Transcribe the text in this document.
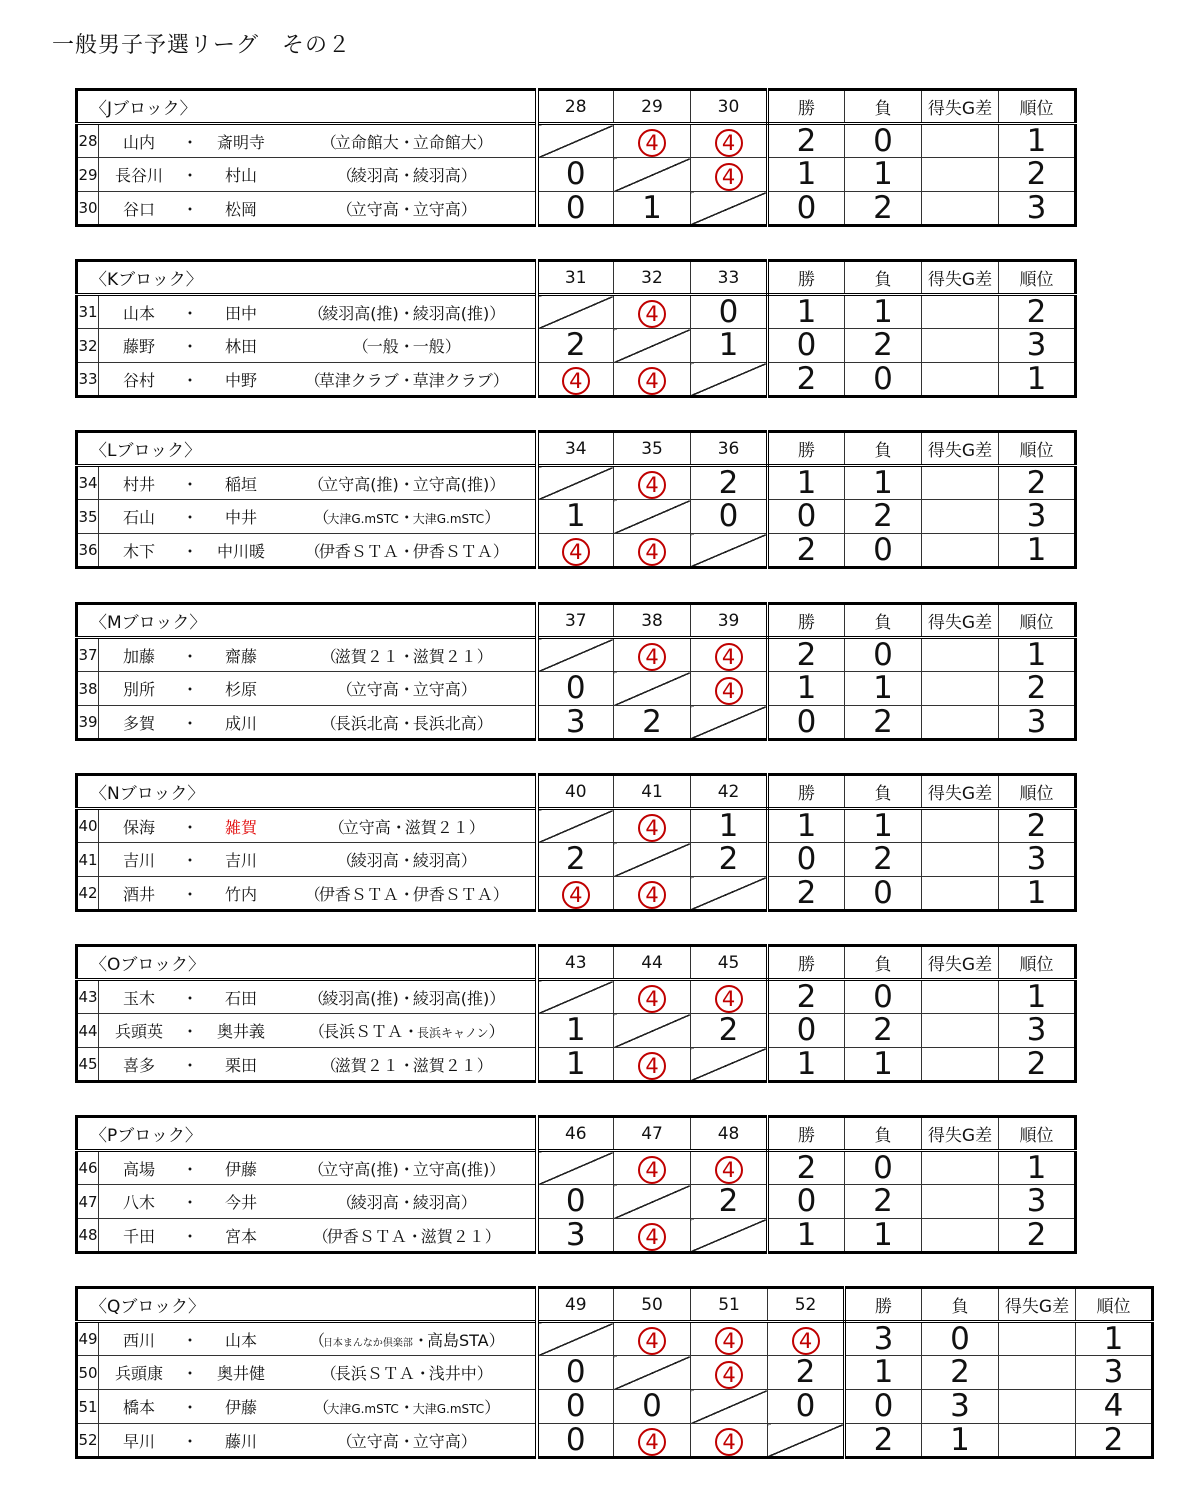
一般男子予選リーグ　その２
〈Jブロック〉		28	29	30	勝	負	得失G差	順位
28	山内 ・ 斎明寺 （立命館大・立命館大）		4	4	2	0		1
29	長谷川 ・ 村山 （綾羽高・綾羽高）	0		4	1	1		2
30	谷口 ・ 松岡 （立守高・立守高）	0	1		0	2		3
〈Kブロック〉		31	32	33	勝	負	得失G差	順位
31	山本 ・ 田中 （綾羽高(推)・綾羽高(推)）		4	0	1	1		2
32	藤野 ・ 林田 （一般・一般）	2		1	0	2		3
33	谷村 ・ 中野 （草津クラブ・草津クラブ）	4	4		2	0		1
〈Lブロック〉		34	35	36	勝	負	得失G差	順位
34	村井 ・ 稲垣 （立守高(推)・立守高(推)）		4	2	1	1		2
35	石山 ・ 中井 （大津G.mSTC・大津G.mSTC）	1		0	0	2		3
36	木下 ・ 中川暖 （伊香ＳＴＡ・伊香ＳＴＡ）	4	4		2	0		1
〈Mブロック〉		37	38	39	勝	負	得失G差	順位
37	加藤 ・ 齋藤 （滋賀２１・滋賀２１）		4	4	2	0		1
38	別所 ・ 杉原 （立守高・立守高）	0		4	1	1		2
39	多賀 ・ 成川 （長浜北高・長浜北高）	3	2		0	2		3
〈Nブロック〉		40	41	42	勝	負	得失G差	順位
40	保海 ・ 雑賀 （立守高・滋賀２１）		4	1	1	1		2
41	吉川 ・ 吉川 （綾羽高・綾羽高）	2		2	0	2		3
42	酒井 ・ 竹内 （伊香ＳＴＡ・伊香ＳＴＡ）	4	4		2	0		1
〈Oブロック〉		43	44	45	勝	負	得失G差	順位
43	玉木 ・ 石田 （綾羽高(推)・綾羽高(推)）		4	4	2	0		1
44	兵頭英 ・ 奥井義 （長浜ＳＴＡ・長浜キャノン）	1		2	0	2		3
45	喜多 ・ 栗田 （滋賀２１・滋賀２１）	1	4		1	1		2
〈Pブロック〉		46	47	48	勝	負	得失G差	順位
46	高場 ・ 伊藤 （立守高(推)・立守高(推)）		4	4	2	0		1
47	八木 ・ 今井 （綾羽高・綾羽高）	0		2	0	2		3
48	千田 ・ 宮本 （伊香ＳＴＡ・滋賀２１）	3	4		1	1		2
〈Qブロック〉		49	50	51	52	勝	負	得失G差	順位
49	西川 ・ 山本 （日本まんなか倶楽部・高島STA）		4	4	4	3	0		1
50	兵頭康 ・ 奥井健 （長浜ＳＴＡ・浅井中）	0		4	2	1	2		3
51	橋本 ・ 伊藤 （大津G.mSTC・大津G.mSTC）	0	0		0	0	3		4
52	早川 ・ 藤川 （立守高・立守高）	0	4	4		2	1		2
